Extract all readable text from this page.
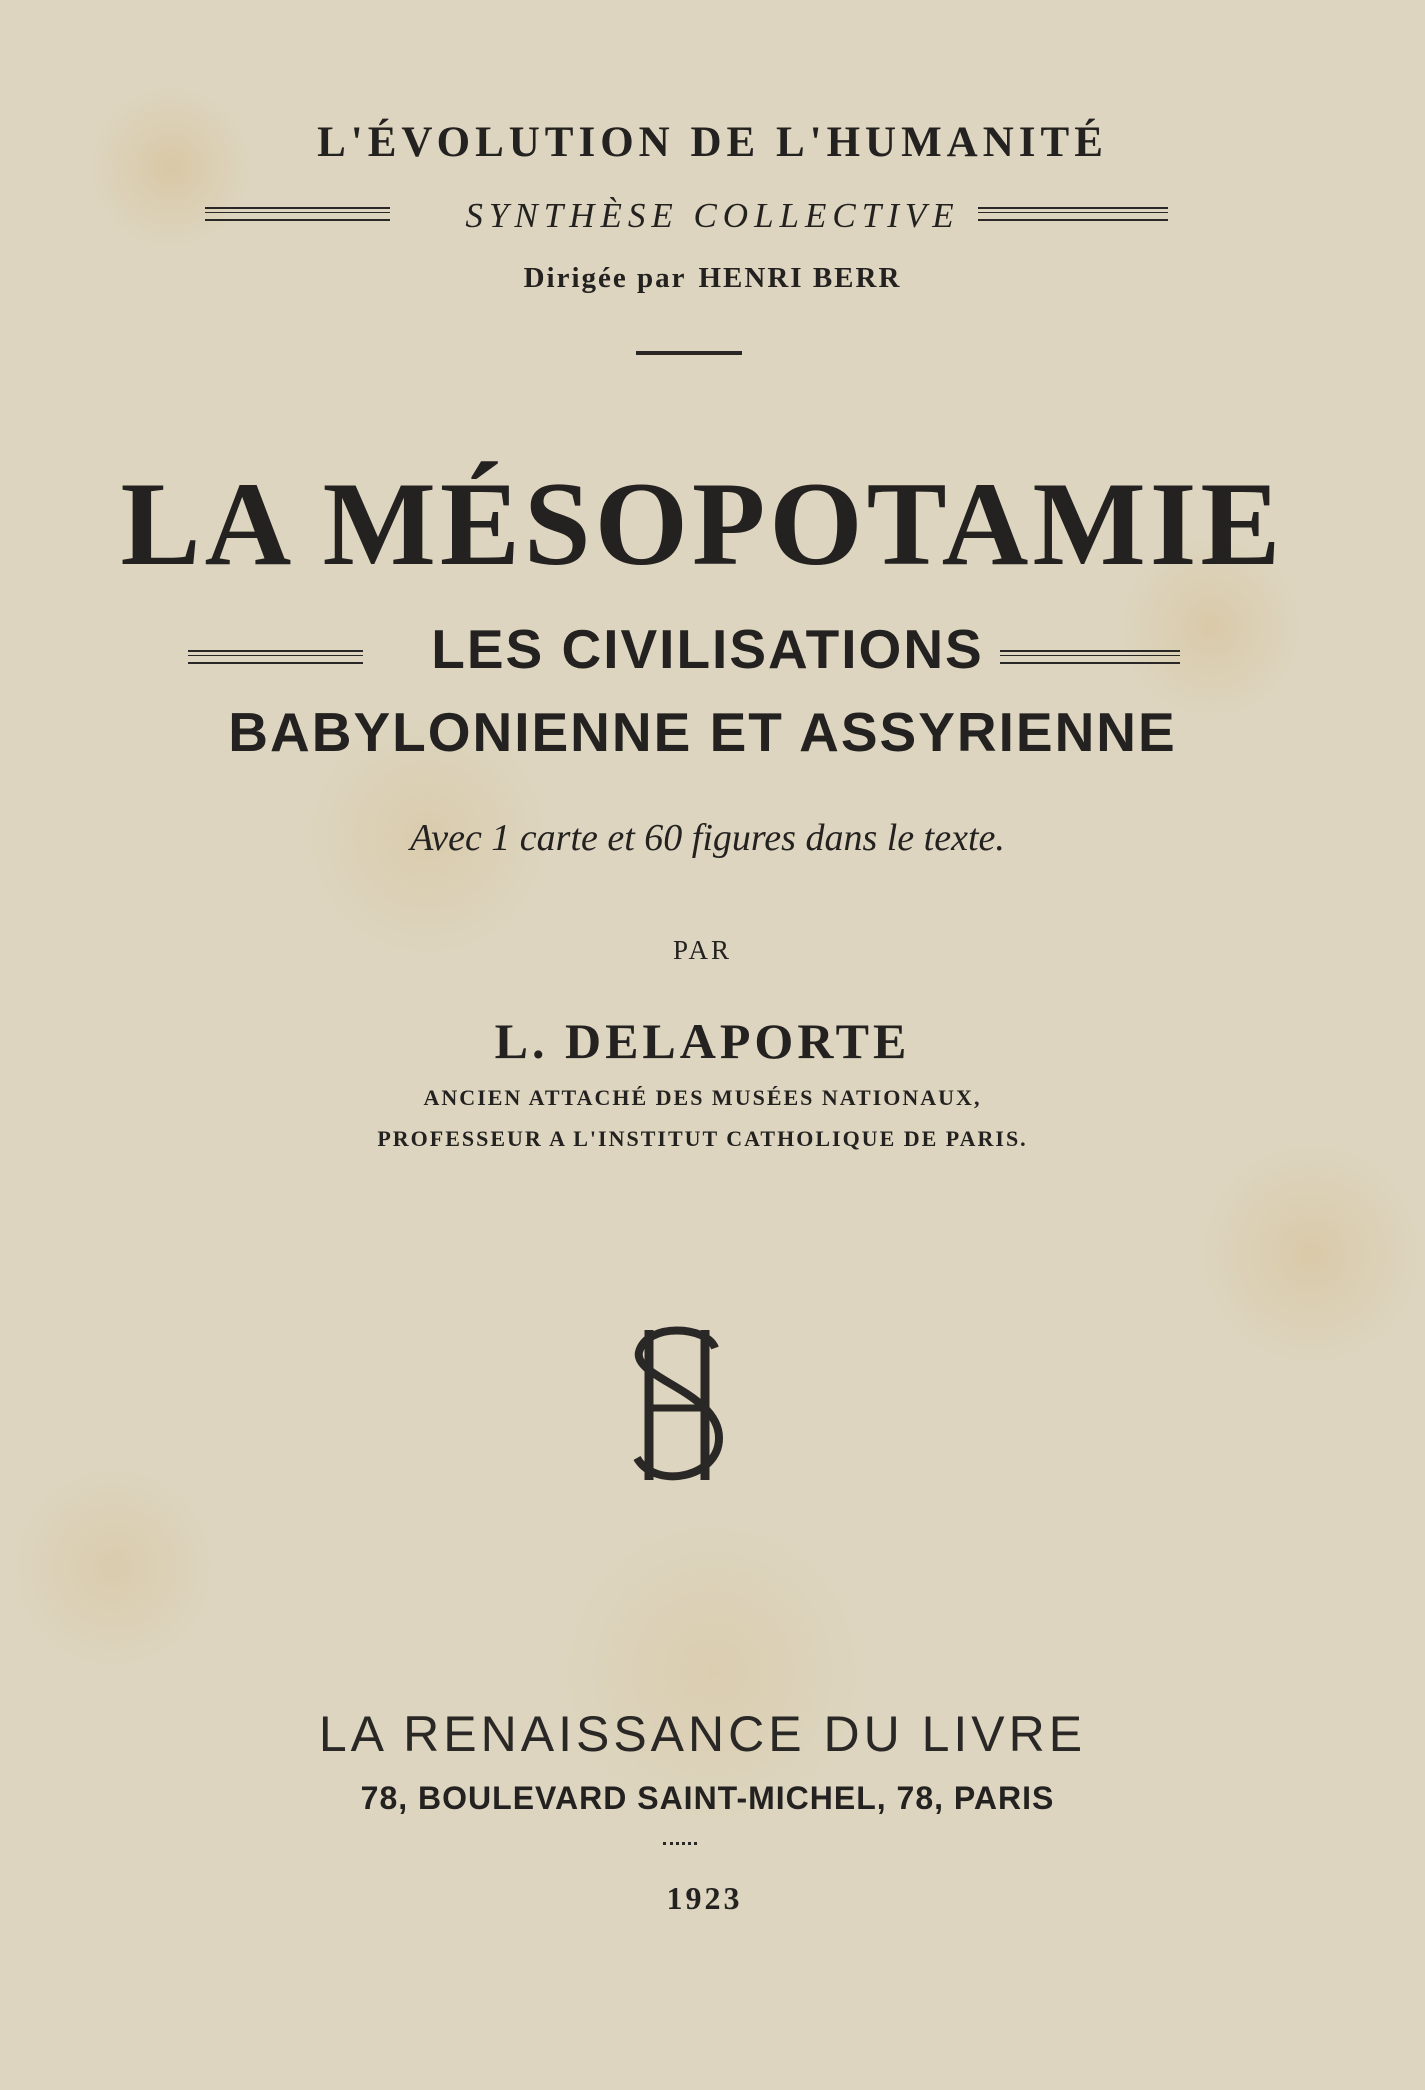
L'ÉVOLUTION DE L'HUMANITÉ
SYNTHÈSE COLLECTIVE
Dirigée par HENRI BERR
LA MÉSOPOTAMIE
LES CIVILISATIONS
BABYLONIENNE ET ASSYRIENNE
Avec 1 carte et 60 figures dans le texte.
PAR
L. DELAPORTE
ANCIEN ATTACHÉ DES MUSÉES NATIONAUX,
PROFESSEUR A L'INSTITUT CATHOLIQUE DE PARIS.
LA RENAISSANCE DU LIVRE
78, BOULEVARD SAINT-MICHEL, 78, PARIS
1923
